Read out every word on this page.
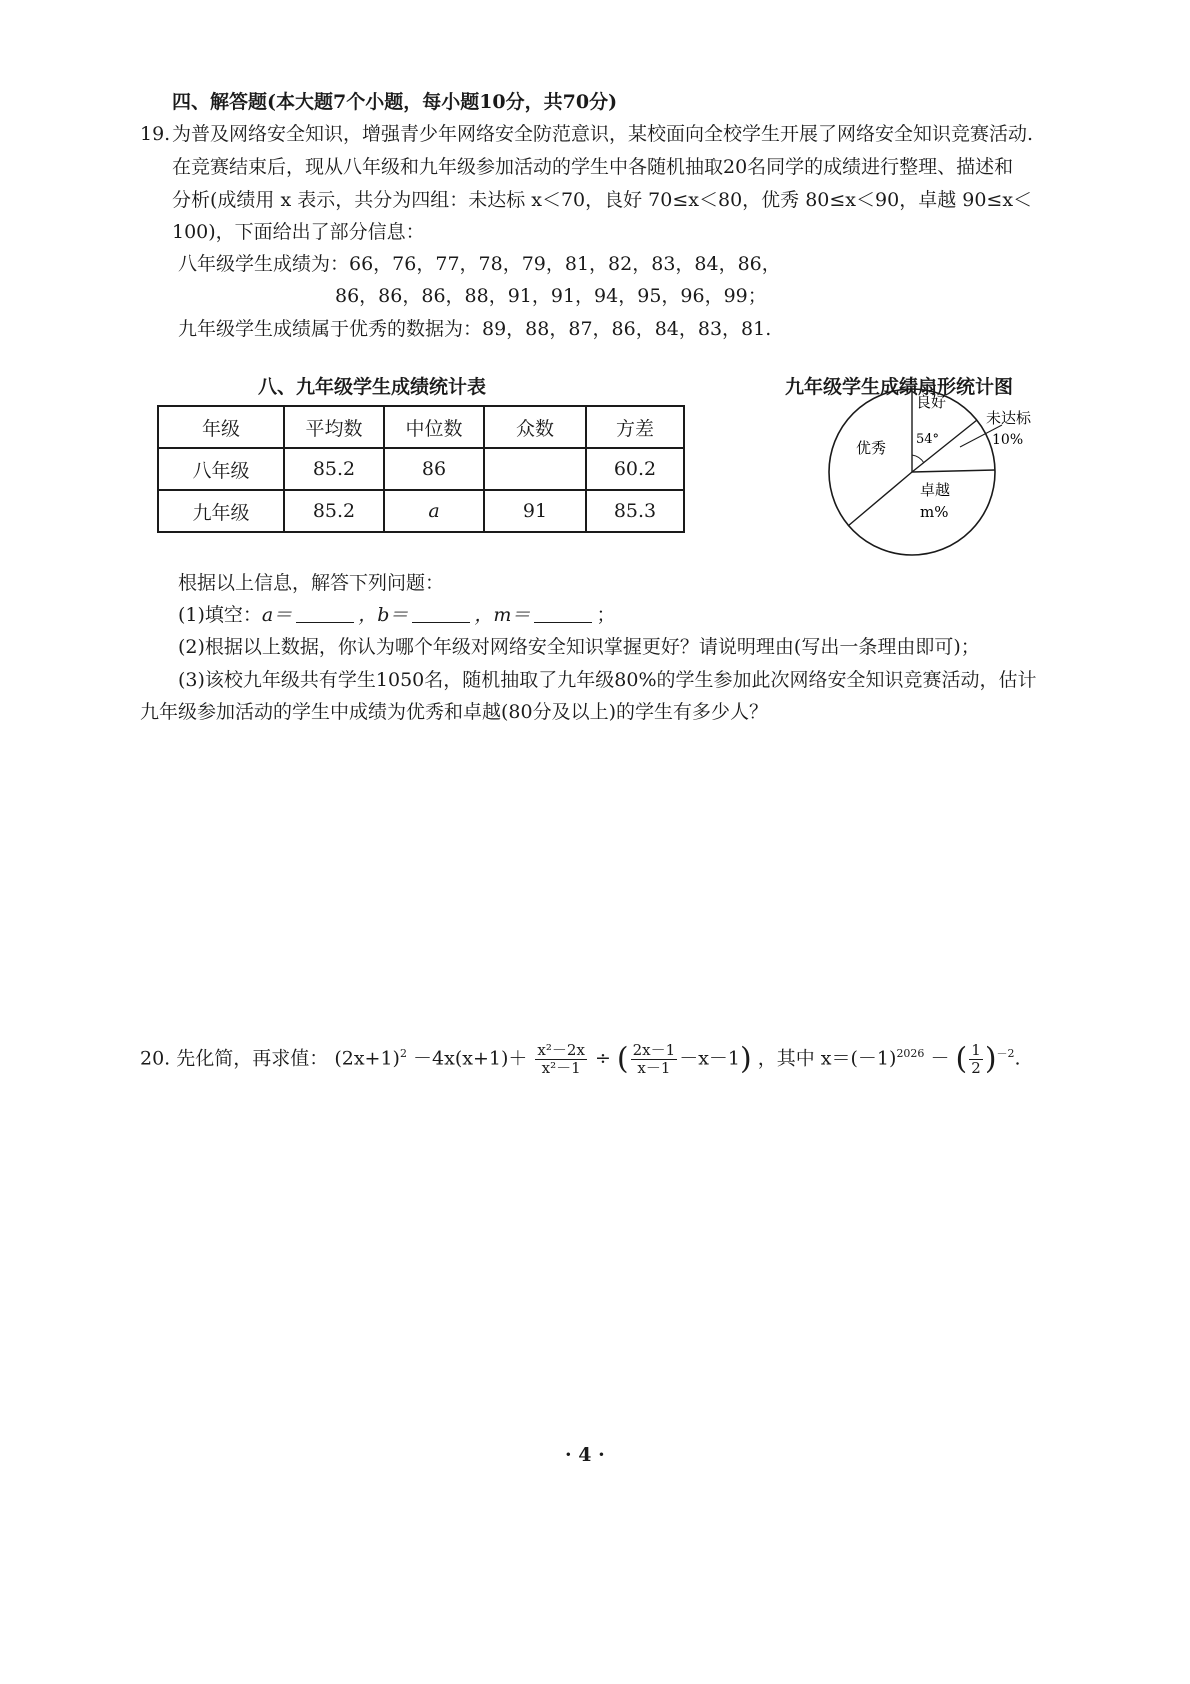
四、解答题(本大题7个小题，每小题10分，共70分)
19. 为普及网络安全知识，增强青少年网络安全防范意识，某校面向全校学生开展了网络安全知识竞赛活动.
在竞赛结束后，现从八年级和九年级参加活动的学生中各随机抽取20名同学的成绩进行整理、描述和
分析(成绩用 x 表示，共分为四组：未达标 x＜70，良好 70≤x＜80，优秀 80≤x＜90，卓越 90≤x＜
100)，下面给出了部分信息：
八年级学生成绩为：66，76，77，78，79，81，82，83，84，86，
86，86，86，88，91，91，94，95，96，99；
九年级学生成绩属于优秀的数据为：89，88，87，86，84，83，81.
八、九年级学生成绩统计表
年级	平均数	中位数	众数	方差
八年级	85.2	86		60.2
九年级	85.2	a	91	85.3
九年级学生成绩扇形统计图
良好
54°
未达标
10%
优秀
卓越
m%
根据以上信息，解答下列问题：
(1)填空：a＝	，b＝	，m＝	；
(2)根据以上数据，你认为哪个年级对网络安全知识掌握更好？请说明理由(写出一条理由即可)；
(3)该校九年级共有学生1050名，随机抽取了九年级80%的学生参加此次网络安全知识竞赛活动，估计
九年级参加活动的学生中成绩为优秀和卓越(80分及以上)的学生有多少人？
20. 先化简，再求值： $(2x+1)^2 -4x(x+1)+ \frac{\text{x²－2x}}{\text{x²－1}}$ ÷ ( $\frac{2x-1}{x-1} -x-1$) ，其中 $x=(-1)^{2026}$ － ( $\frac{1}{2} )^{-2}$.
· 4 ·
